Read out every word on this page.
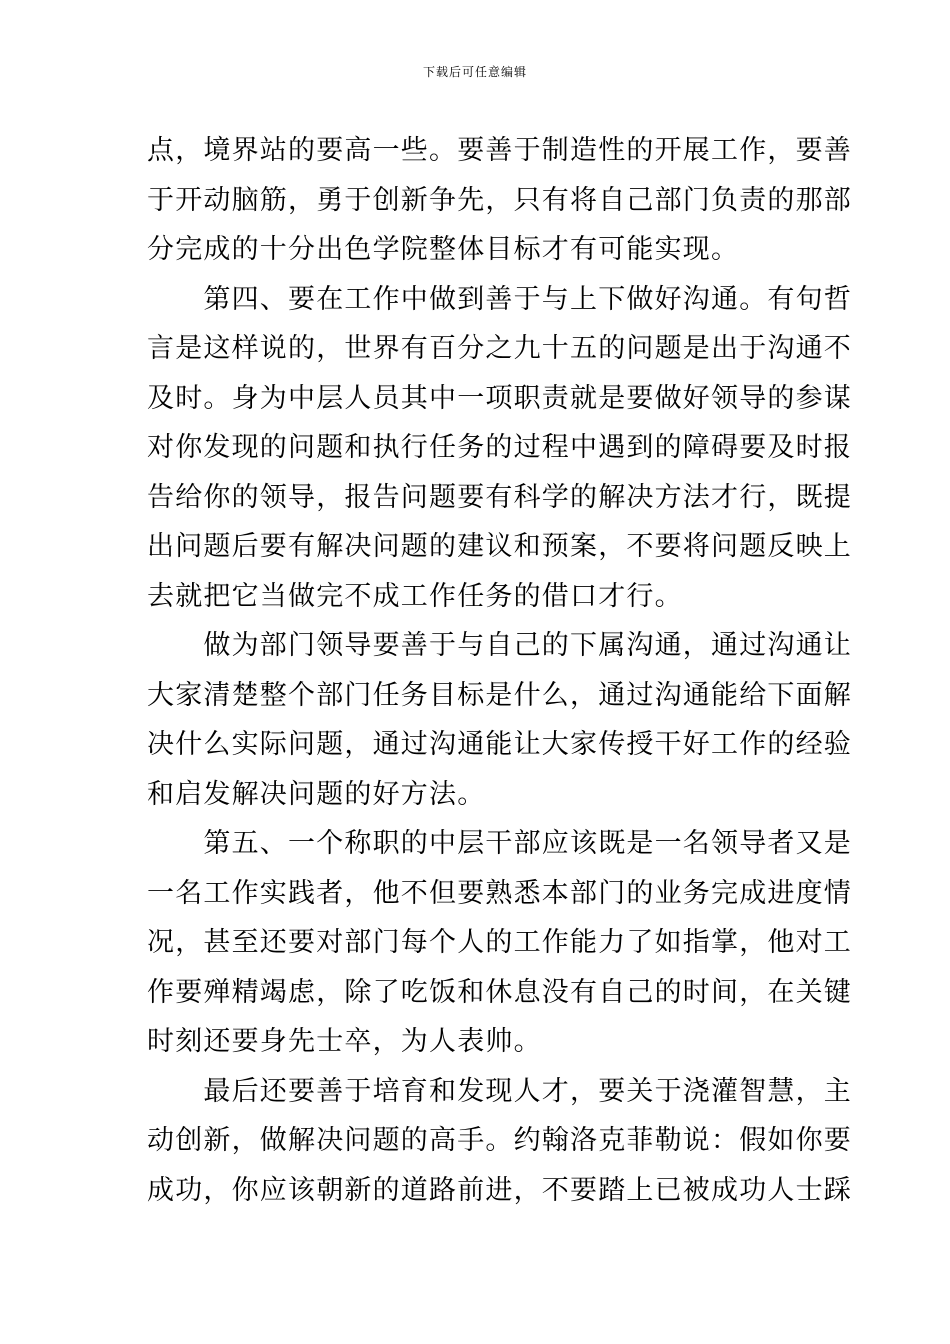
下载后可任意编辑
点，境界站的要高一些。要善于制造性的开展工作，要善
于开动脑筋，勇于创新争先，只有将自己部门负责的那部
分完成的十分出色学院整体目标才有可能实现。
　　第四、要在工作中做到善于与上下做好沟通。有句哲
言是这样说的，世界有百分之九十五的问题是出于沟通不
及时。身为中层人员其中一项职责就是要做好领导的参谋
对你发现的问题和执行任务的过程中遇到的障碍要及时报
告给你的领导，报告问题要有科学的解决方法才行，既提
出问题后要有解决问题的建议和预案，不要将问题反映上
去就把它当做完不成工作任务的借口才行。
　　做为部门领导要善于与自己的下属沟通，通过沟通让
大家清楚整个部门任务目标是什么，通过沟通能给下面解
决什么实际问题，通过沟通能让大家传授干好工作的经验
和启发解决问题的好方法。
　　第五、一个称职的中层干部应该既是一名领导者又是
一名工作实践者，他不但要熟悉本部门的业务完成进度情
况，甚至还要对部门每个人的工作能力了如指掌，他对工
作要殚精竭虑，除了吃饭和休息没有自己的时间，在关键
时刻还要身先士卒，为人表帅。
　　最后还要善于培育和发现人才，要关于浇灌智慧，主
动创新，做解决问题的高手。约翰洛克菲勒说：假如你要
成功，你应该朝新的道路前进，不要踏上已被成功人士踩
